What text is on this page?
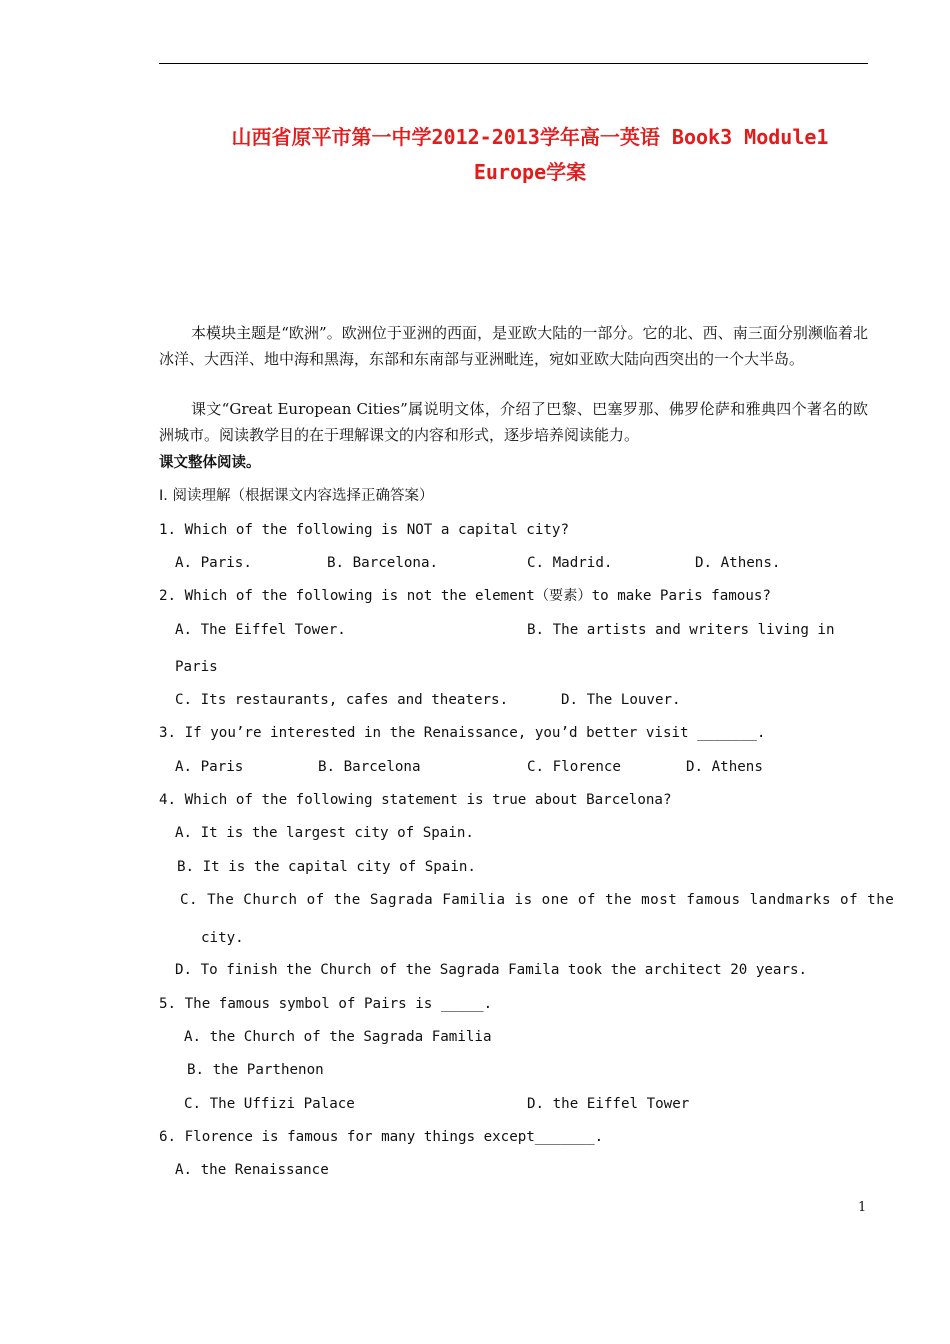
山西省原平市第一中学2012-2013学年高一英语 Book3 Module1
Europe学案
本模块主题是“欧洲”。欧洲位于亚洲的西面，是亚欧大陆的一部分。它的北、西、南三面分别濒临着北冰洋、大西洋、地中海和黑海，东部和东南部与亚洲毗连，宛如亚欧大陆向西突出的一个大半岛。
课文“Great European Cities”属说明文体，介绍了巴黎、巴塞罗那、佛罗伦萨和雅典四个著名的欧洲城市。阅读教学目的在于理解课文的内容和形式，逐步培养阅读能力。
课文整体阅读。
I. 阅读理解（根据课文内容选择正确答案）
1. Which of the following is NOT a capital city?
A. Paris.	B. Barcelona.	C. Madrid.	D. Athens.
2. Which of the following is not the element（要素）to make Paris famous?
A. The Eiffel Tower.	B. The artists and writers living in
Paris
C. Its restaurants, cafes and theaters.	D. The Louver.
3. If you’re interested in the Renaissance, you’d better visit _______.
A. Paris	B. Barcelona	C. Florence	D. Athens
4. Which of the following statement is true about Barcelona?
A. It is the largest city of Spain.
B. It is the capital city of Spain.
C. The Church of the Sagrada Familia is one of the most famous landmarks of the
city.
D. To finish the Church of the Sagrada Famila took the architect 20 years.
5. The famous symbol of Pairs is _____.
A. the Church of the Sagrada Familia
B. the Parthenon
C. The Uffizi Palace	D. the Eiffel Tower
6. Florence is famous for many things except_______.
A. the Renaissance
1
